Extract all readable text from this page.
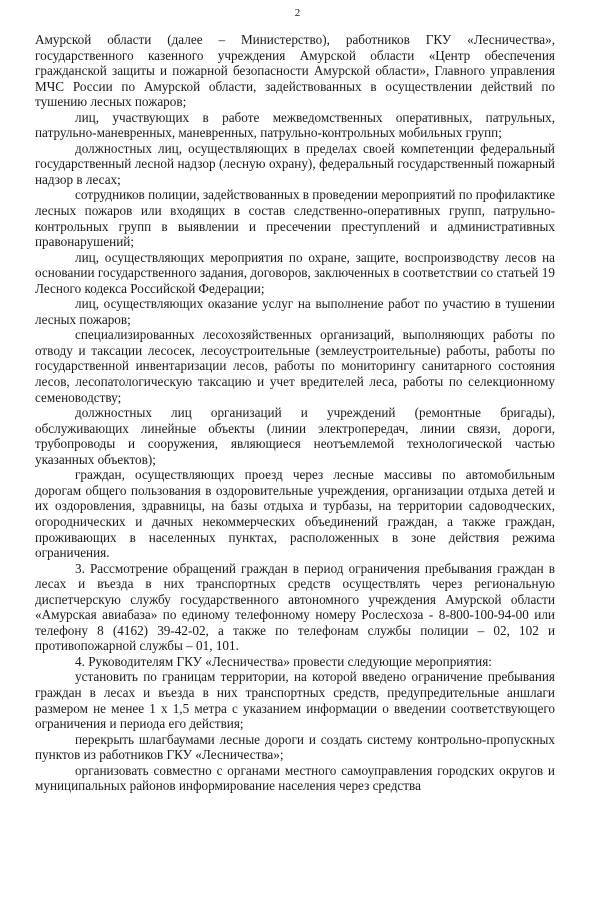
2

Амурской области (далее – Министерство), работников ГКУ «Лесничества», государственного казенного учреждения Амурской области «Центр обеспечения гражданской защиты и пожарной безопасности Амурской области», Главного управления МЧС России по Амурской области, задействованных в осуществлении действий по тушению лесных пожаров;

лиц, участвующих в работе межведомственных оперативных, патрульных, патрульно-маневренных, маневренных, патрульно-контрольных мобильных групп;

должностных лиц, осуществляющих в пределах своей компетенции федеральный государственный лесной надзор (лесную охрану), федеральный государственный пожарный надзор в лесах;

сотрудников полиции, задействованных в проведении мероприятий по профилактике лесных пожаров или входящих в состав следственно-оперативных групп, патрульно-контрольных групп в выявлении и пресечении преступлений и административных правонарушений;

лиц, осуществляющих мероприятия по охране, защите, воспроизводству лесов на основании государственного задания, договоров, заключенных в соответствии со статьей 19 Лесного кодекса Российской Федерации;

лиц, осуществляющих оказание услуг на выполнение работ по участию в тушении лесных пожаров;

специализированных лесохозяйственных организаций, выполняющих работы по отводу и таксации лесосек, лесоустроительные (землеустроительные) работы, работы по государственной инвентаризации лесов, работы по мониторингу санитарного состояния лесов, лесопатологическую таксацию и учет вредителей леса, работы по селекционному семеноводству;

должностных лиц организаций и учреждений (ремонтные бригады), обслуживающих линейные объекты (линии электропередач, линии связи, дороги, трубопроводы и сооружения, являющиеся неотъемлемой технологической частью указанных объектов);

граждан, осуществляющих проезд через лесные массивы по автомобильным дорогам общего пользования в оздоровительные учреждения, организации отдыха детей и их оздоровления, здравницы, на базы отдыха и турбазы, на территории садоводческих, огороднических и дачных некоммерческих объединений граждан, а также граждан, проживающих в населенных пунктах, расположенных в зоне действия режима ограничения.

3. Рассмотрение обращений граждан в период ограничения пребывания граждан в лесах и въезда в них транспортных средств осуществлять через региональную диспетчерскую службу государственного автономного учреждения Амурской области «Амурская авиабаза» по единому телефонному номеру Рослесхоза - 8-800-100-94-00 или телефону 8 (4162) 39-42-02, а также по телефонам службы полиции – 02, 102 и противопожарной службы – 01, 101.

4. Руководителям ГКУ «Лесничества» провести следующие мероприятия:

установить по границам территории, на которой введено ограничение пребывания граждан в лесах и въезда в них транспортных средств, предупредительные аншлаги размером не менее 1 х 1,5 метра с указанием информации о введении соответствующего ограничения и периода его действия;

перекрыть шлагбаумами лесные дороги и создать систему контрольно-пропускных пунктов из работников ГКУ «Лесничества»;

организовать совместно с органами местного самоуправления городских округов и муниципальных районов информирование населения через средства
